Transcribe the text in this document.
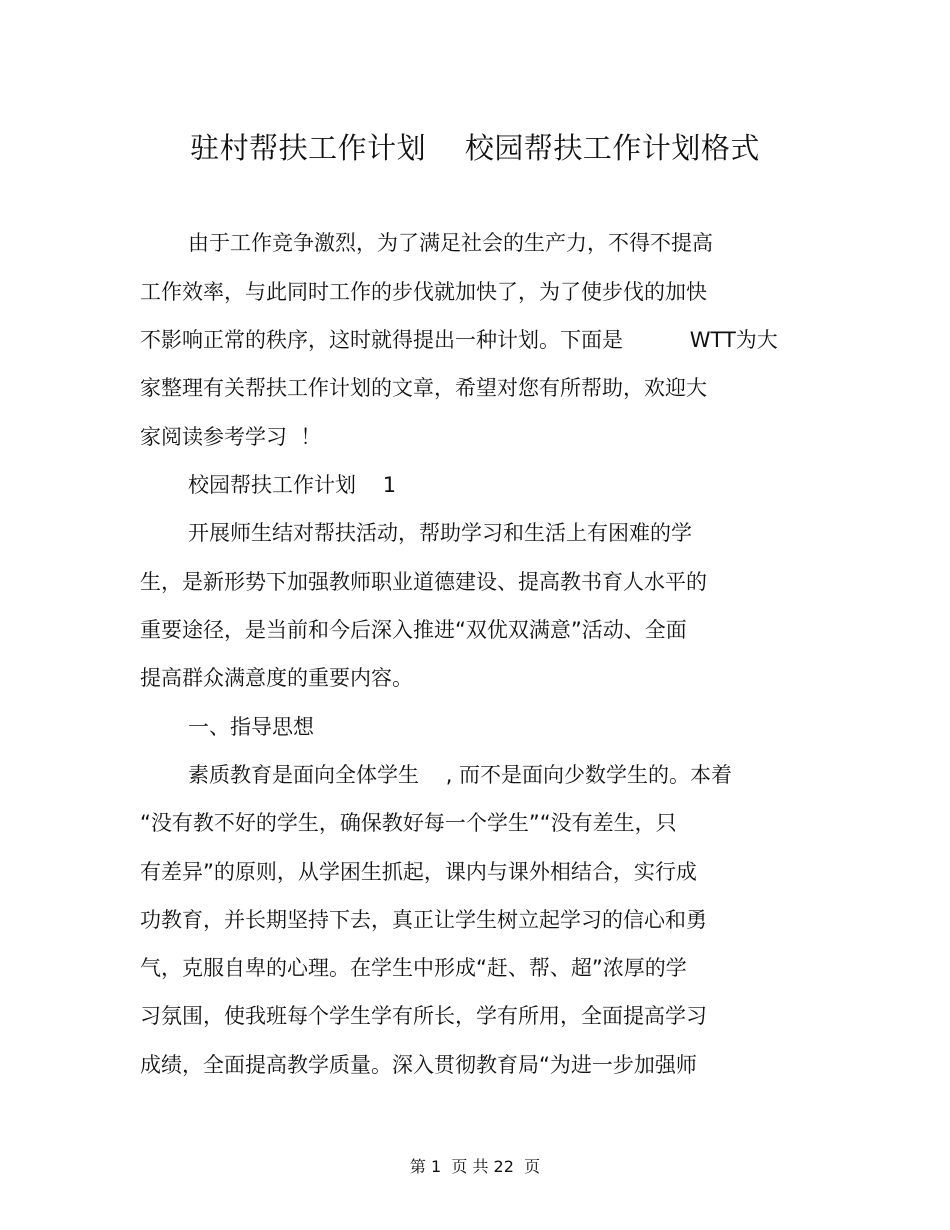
驻村帮扶工作计划    校园帮扶工作计划格式
由于工作竞争激烈，为了满足社会的生产力，不得不提高
工作效率，与此同时工作的步伐就加快了，为了使步伐的加快
不影响正常的秩序，这时就得提出一种计划。下面是          WTT为大
家整理有关帮扶工作计划的文章，希望对您有所帮助，欢迎大
家阅读参考学习  ！
校园帮扶工作计划    1
开展师生结对帮扶活动，帮助学习和生活上有困难的学
生，是新形势下加强教师职业道德建设、提高教书育人水平的
重要途径，是当前和今后深入推进“双优双满意”活动、全面
提高群众满意度的重要内容。
一、指导思想
素质教育是面向全体学生    , 而不是面向少数学生的。本着
“没有教不好的学生，确保教好每一个学生”“没有差生，只
有差异”的原则，从学困生抓起，课内与课外相结合，实行成
功教育，并长期坚持下去，真正让学生树立起学习的信心和勇
气，克服自卑的心理。在学生中形成“赶、帮、超”浓厚的学
习氛围，使我班每个学生学有所长，学有所用，全面提高学习
成绩，全面提高教学质量。深入贯彻教育局“为进一步加强师
第 1  页 共 22  页
